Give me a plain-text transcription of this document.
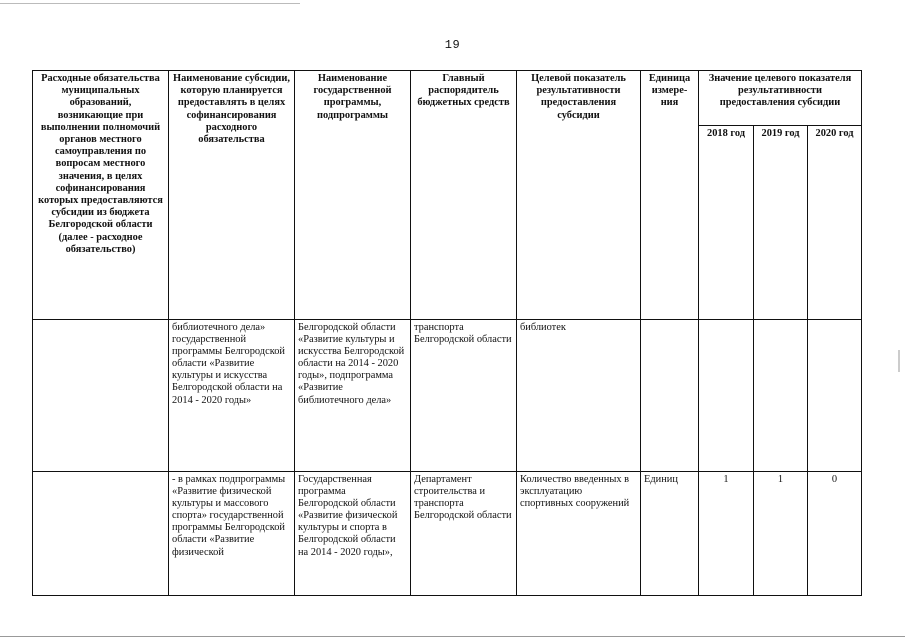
19
Расходные обязательства муниципальных образований, возникающие при выполнении полномочий органов местного самоуправления по вопросам местного значения, в целях софинансирования которых предоставляются субсидии из бюджета Белгородской области (далее - расходное обязательство)	Наименование субсидии, которую планируется предоставлять в целях софинансирования расходного обязательства	Наименование государственной программы, подпрограммы	Главный распорядитель бюджетных средств	Целевой показатель результативности предоставления субсидии	Единица измере-ния	Значение целевого показателя результативности предоставления субсидии		
						2018 год	2019 год	2020 год
	библиотечного дела» государственной программы Белгородской области «Развитие культуры и искусства Белгородской области на 2014 - 2020 годы»	Белгородской области «Развитие культуры и искусства Белгородской области на 2014 - 2020 годы», подпрограмма «Развитие библиотечного дела»	транспорта Белгородской области	библиотек				
	- в рамках подпрограммы «Развитие физической культуры и массового спорта» государственной программы Белгородской области «Развитие физической	Государственная программа Белгородской области «Развитие физической культуры и спорта в Белгородской области на 2014 - 2020 годы»,	Департамент строительства и транспорта Белгородской области	Количество введенных в эксплуатацию спортивных сооружений	Единиц	1	1	0
